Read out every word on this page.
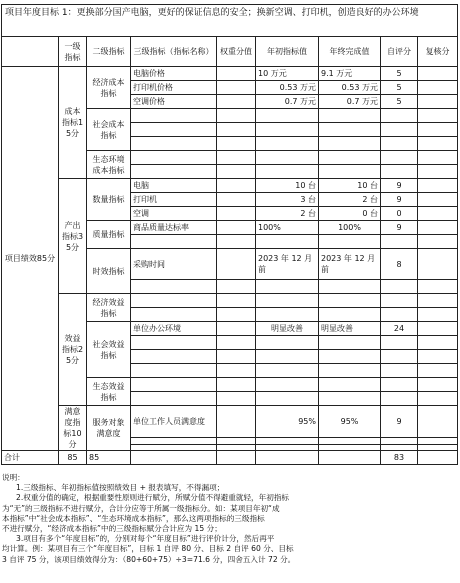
项目年度目标 1：更换部分国产电脑，更好的保证信息的安全；换新空调、打印机，创造良好的办公环境								
	一级指标	二级指标	三级指标（指标名称）	权重分值	年初指标值	年终完成值	自评分	复核分
项目绩效85分	成本指标15分	经济成本指标	电脑价格		10 万元	9.1 万元	5	
			打印机价格		0.53 万元	0.53 万元	5	
			空调价格		0.7 万元	0.7 万元	5	
		社会成本指标						

		生态环境成本指标						

	产出指标35分	数量指标	电脑		10 台	10 台	9	
			打印机		3 台	2 台	9	
			空调		2 台	0 台	0	
		质量指标	商品质量达标率		100%	100%	9	

		时效指标	采购时间		2023 年 12 月前	2023 年 12 月前	8	

	效益指标25分	经济效益指标						

		社会效益指标	单位办公环境		明显改善	明显改善	24	

		生态效益指标						

	满意度指标10分	服务对象满意度	单位工作人员满意度		95%	95%	9	

合计	85	85					83	
说明：
1.三级指标、年初指标值按照绩效目 + 报表填写，不得漏项；
2.权重分值的确定，根据重要性原则进行赋分，所赋分值不得避重就轻，年初指标
为“无”的三级指标不进行赋分，合计分应等于所属一级指标分。如：某项目年初“成
本指标”中“社会成本指标”、“生态环境成本指标”，那么这两项指标的三级指标
不进行赋分，“经济成本指标”中的三级指标赋分合计应为 15 分；
3.项目有多个“年度目标”的，分别对每个“年度目标”进行评价计分，然后再平
均计算。例：某项目有三个“年度目标”，目标 1 自评 80 分、目标 2 自评 60 分、目标
3 自评 75 分，该项目绩效得分为：（80+60+75）÷3=71.6 分，四舍五入计 72 分。
